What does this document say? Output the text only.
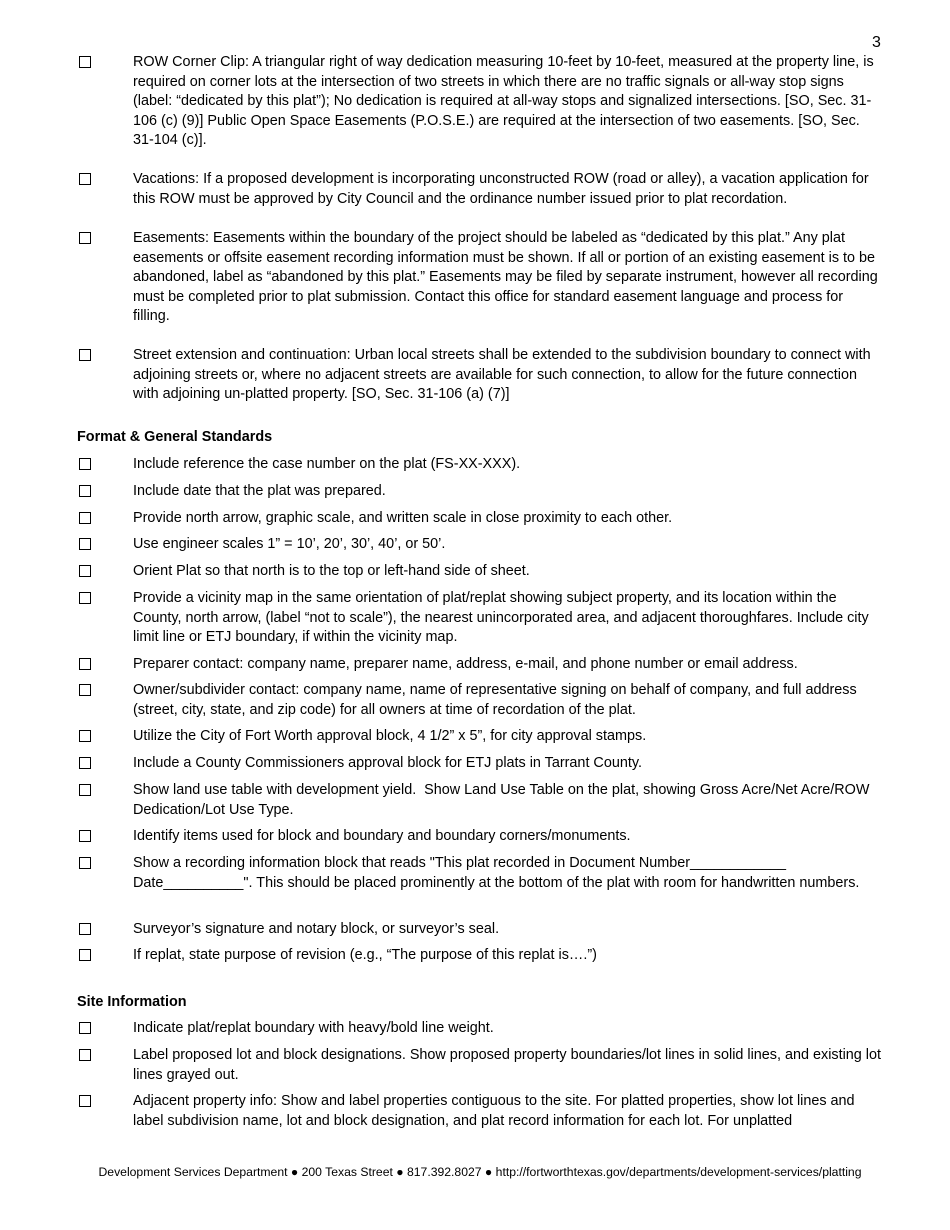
3
ROW Corner Clip: A triangular right of way dedication measuring 10-feet by 10-feet, measured at the property line, is required on corner lots at the intersection of two streets in which there are no traffic signals or all-way stop signs (label: “dedicated by this plat”); No dedication is required at all-way stops and signalized intersections. [SO, Sec. 31-106 (c) (9)] Public Open Space Easements (P.O.S.E.) are required at the intersection of two easements. [SO, Sec. 31-104 (c)].
Vacations: If a proposed development is incorporating unconstructed ROW (road or alley), a vacation application for this ROW must be approved by City Council and the ordinance number issued prior to plat recordation.
Easements: Easements within the boundary of the project should be labeled as “dedicated by this plat.” Any plat easements or offsite easement recording information must be shown. If all or portion of an existing easement is to be abandoned, label as “abandoned by this plat.” Easements may be filed by separate instrument, however all recording must be completed prior to plat submission. Contact this office for standard easement language and process for filling.
Street extension and continuation: Urban local streets shall be extended to the subdivision boundary to connect with adjoining streets or, where no adjacent streets are available for such connection, to allow for the future connection with adjoining un-platted property. [SO, Sec. 31-106 (a) (7)]
Format & General Standards
Include reference the case number on the plat (FS-XX-XXX).
Include date that the plat was prepared.
Provide north arrow, graphic scale, and written scale in close proximity to each other.
Use engineer scales 1” = 10’, 20’, 30’, 40’, or 50’.
Orient Plat so that north is to the top or left-hand side of sheet.
Provide a vicinity map in the same orientation of plat/replat showing subject property, and its location within the County, north arrow, (label “not to scale”), the nearest unincorporated area, and adjacent thoroughfares. Include city limit line or ETJ boundary, if within the vicinity map.
Preparer contact: company name, preparer name, address, e-mail, and phone number or email address.
Owner/subdivider contact: company name, name of representative signing on behalf of company, and full address (street, city, state, and zip code) for all owners at time of recordation of the plat.
Utilize the City of Fort Worth approval block, 4 1/2” x 5”, for city approval stamps.
Include a County Commissioners approval block for ETJ plats in Tarrant County.
Show land use table with development yield.  Show Land Use Table on the plat, showing Gross Acre/Net Acre/ROW Dedication/Lot Use Type.
Identify items used for block and boundary and boundary corners/monuments.
Show a recording information block that reads "This plat recorded in Document Number____________ Date__________". This should be placed prominently at the bottom of the plat with room for handwritten numbers.
Surveyor’s signature and notary block, or surveyor’s seal.
If replat, state purpose of revision (e.g., “The purpose of this replat is….”)
Site Information
Indicate plat/replat boundary with heavy/bold line weight.
Label proposed lot and block designations. Show proposed property boundaries/lot lines in solid lines, and existing lot lines grayed out.
Adjacent property info: Show and label properties contiguous to the site. For platted properties, show lot lines and label subdivision name, lot and block designation, and plat record information for each lot. For unplatted
Development Services Department ● 200 Texas Street ● 817.392.8027 ● http://fortworthtexas.gov/departments/development-services/platting
